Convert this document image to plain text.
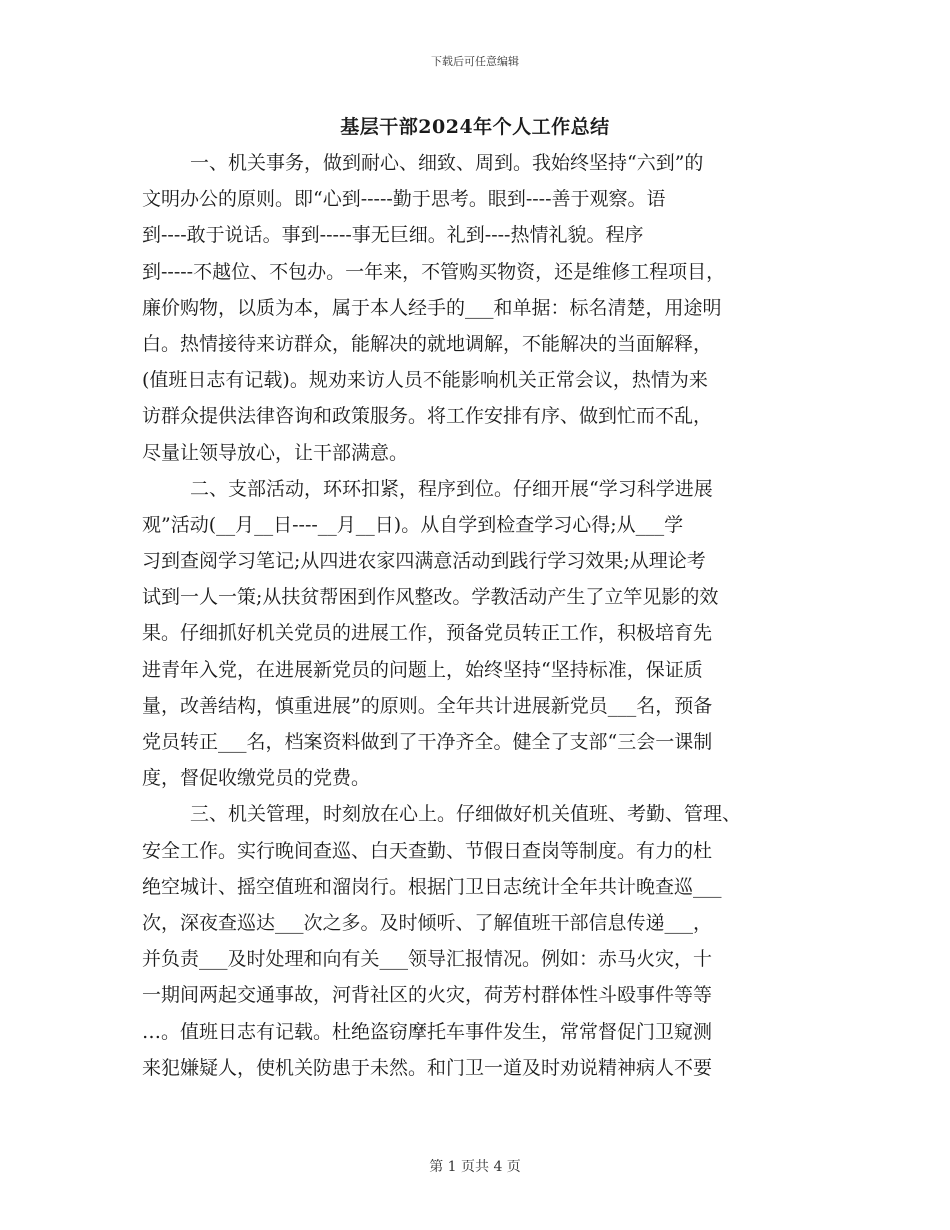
下载后可任意编辑
基层干部2024年个人工作总结
一、机关事务，做到耐心、细致、周到。我始终坚持“六到”的
文明办公的原则。即“心到-----勤于思考。眼到----善于观察。语
到----敢于说话。事到-----事无巨细。礼到----热情礼貌。程序
到-----不越位、不包办。一年来，不管购买物资，还是维修工程项目，
廉价购物，以质为本，属于本人经手的___和单据：标名清楚，用途明
白。热情接待来访群众，能解决的就地调解，不能解决的当面解释，
(值班日志有记载)。规劝来访人员不能影响机关正常会议，热情为来
访群众提供法律咨询和政策服务。将工作安排有序、做到忙而不乱，
尽量让领导放心，让干部满意。
二、支部活动，环环扣紧，程序到位。仔细开展“学习科学进展
观”活动(__月__日----__月__日)。从自学到检查学习心得;从___学
习到查阅学习笔记;从四进农家四满意活动到践行学习效果;从理论考
试到一人一策;从扶贫帮困到作风整改。学教活动产生了立竿见影的效
果。仔细抓好机关党员的进展工作，预备党员转正工作，积极培育先
进青年入党，在进展新党员的问题上，始终坚持“坚持标准，保证质
量，改善结构，慎重进展”的原则。全年共计进展新党员___名，预备
党员转正___名，档案资料做到了干净齐全。健全了支部“三会一课制
度，督促收缴党员的党费。
三、机关管理，时刻放在心上。仔细做好机关值班、考勤、管理、
安全工作。实行晚间查巡、白天查勤、节假日查岗等制度。有力的杜
绝空城计、摇空值班和溜岗行。根据门卫日志统计全年共计晚查巡___
次，深夜查巡达___次之多。及时倾听、了解值班干部信息传递___，
并负责___及时处理和向有关___领导汇报情况。例如：赤马火灾，十
一期间两起交通事故，河背社区的火灾，荷芳村群体性斗殴事件等等
…。值班日志有记载。杜绝盗窃摩托车事件发生，常常督促门卫窥测
来犯嫌疑人，使机关防患于未然。和门卫一道及时劝说精神病人不要
第 1 页共 4 页
